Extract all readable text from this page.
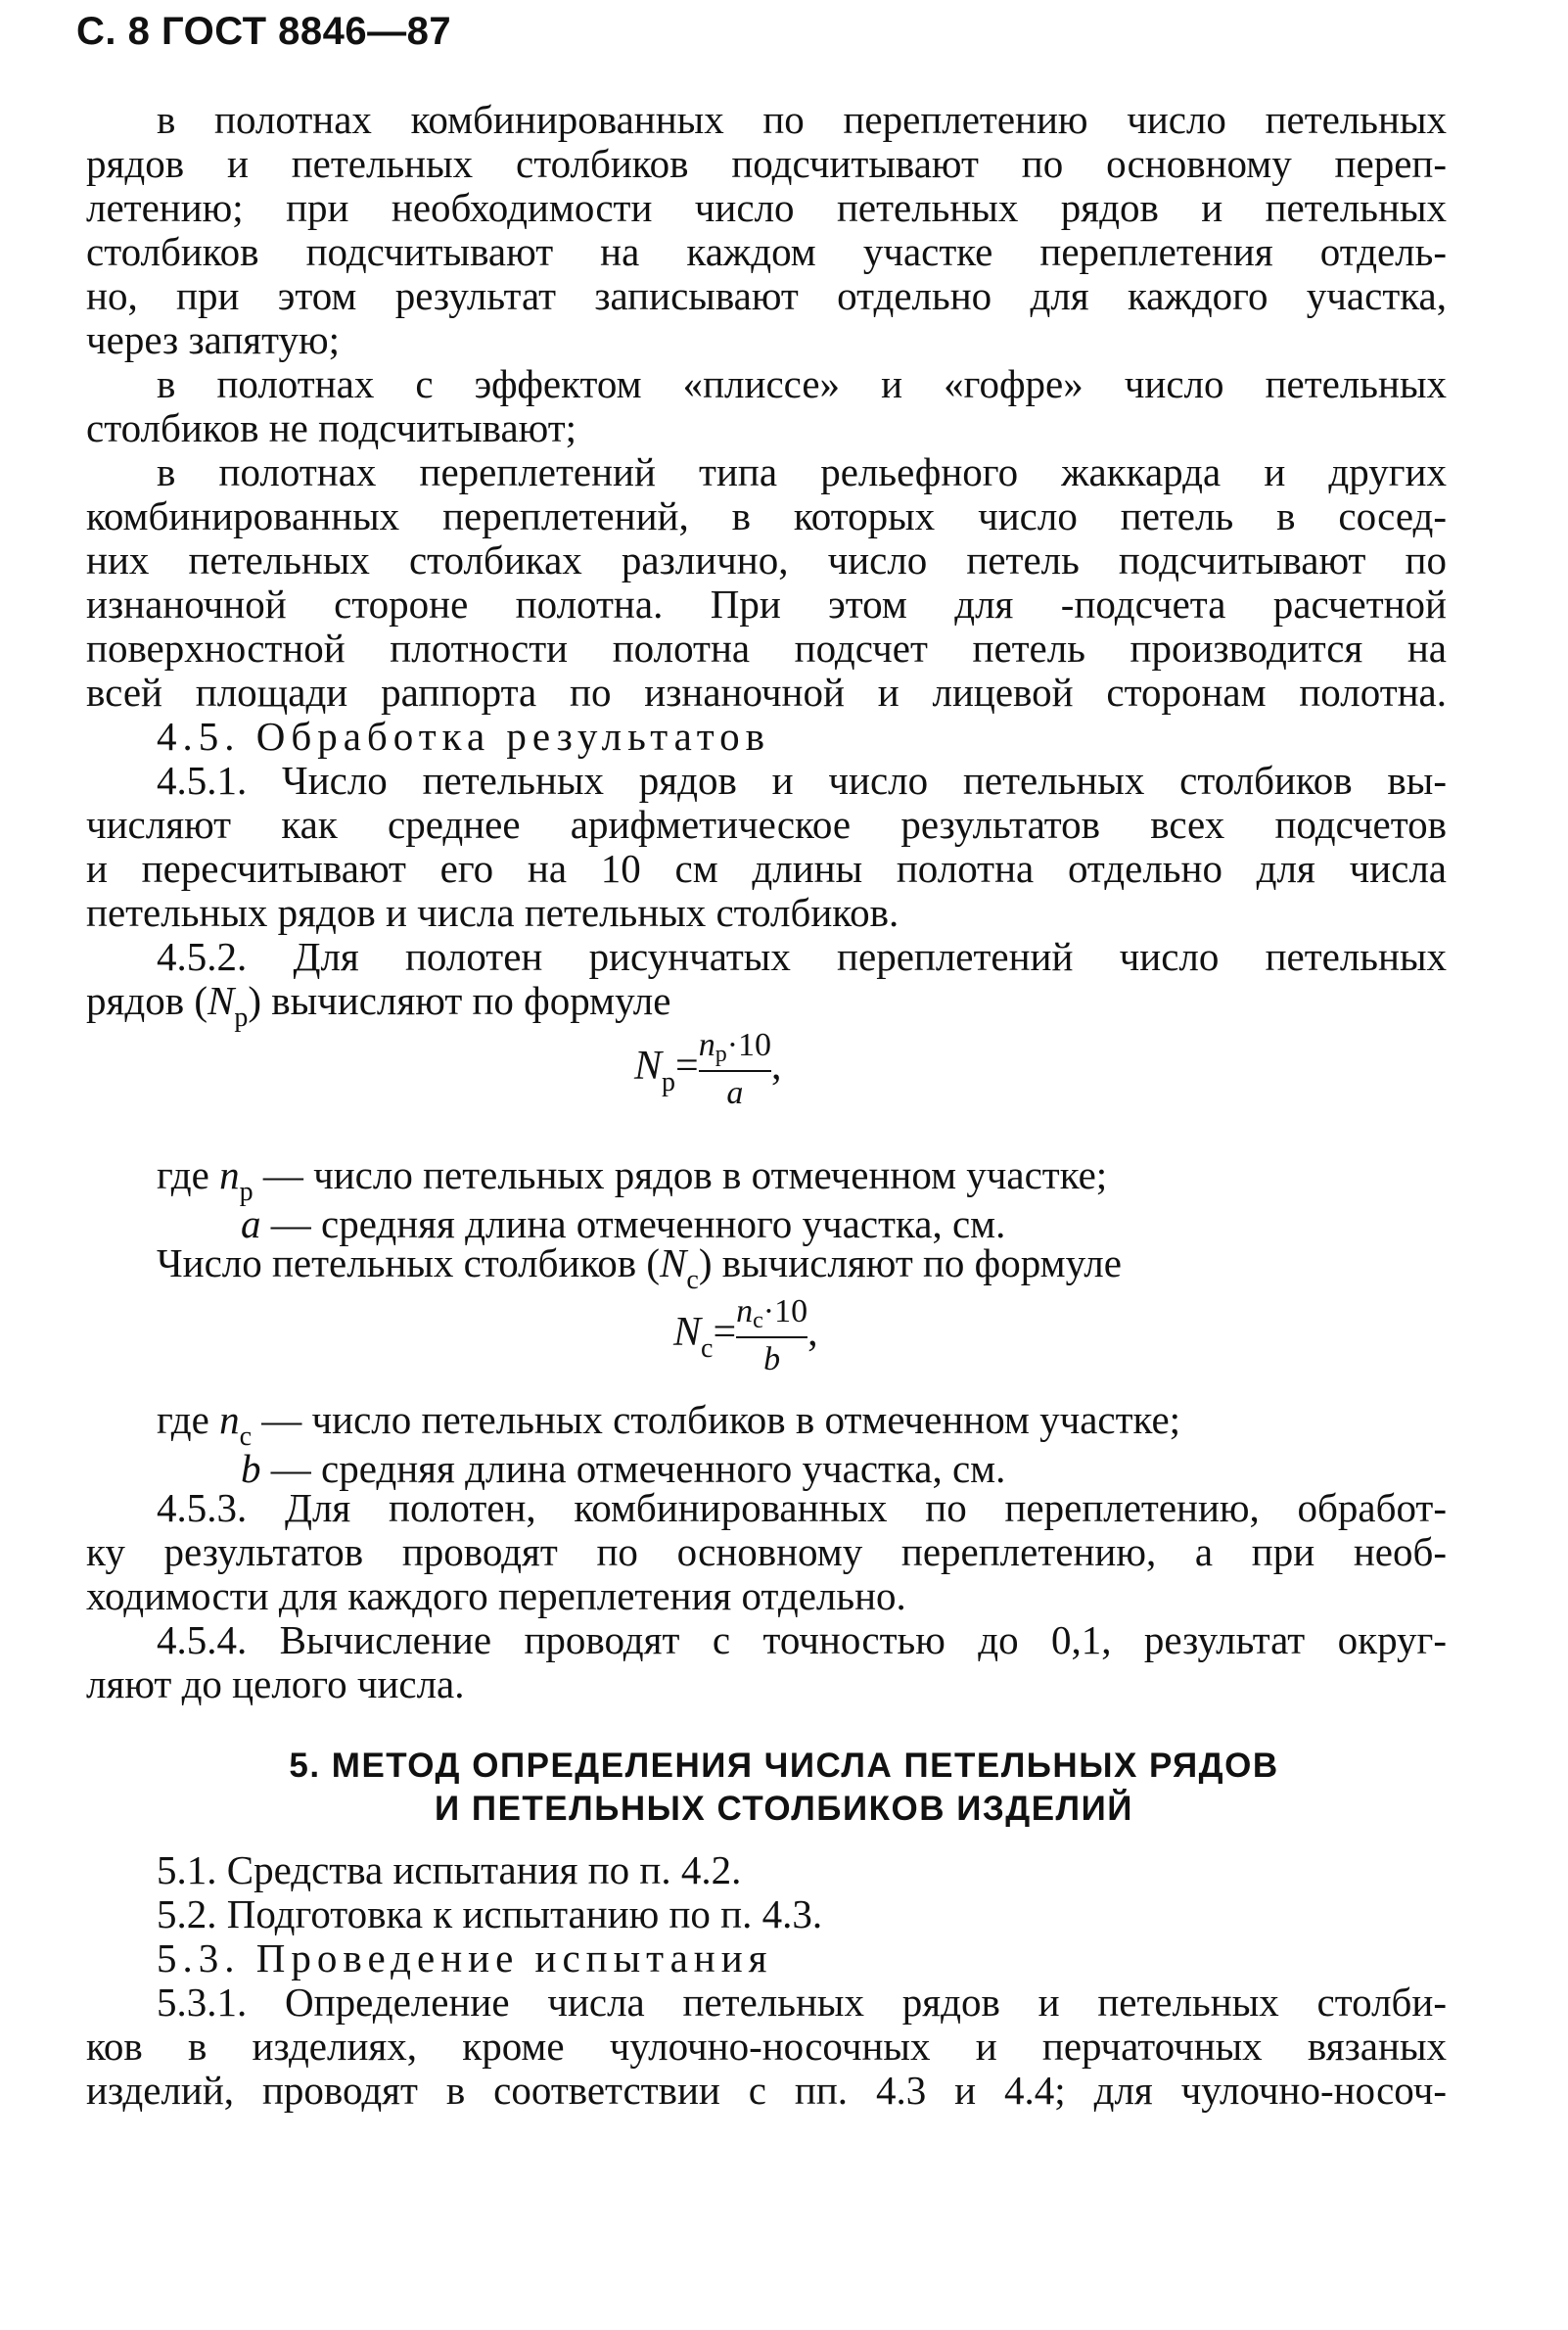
С. 8 ГОСТ 8846—87
в полотнах комбинированных по переплетению число петельных
рядов и петельных столбиков подсчитывают по основному переп-
летению; при необходимости число петельных рядов и петельных
столбиков подсчитывают на каждом участке переплетения отдель-
но, при этом результат записывают отдельно для каждого участка,
через запятую;
в полотнах с эффектом «плиссе» и «гофре» число петельных
столбиков не подсчитывают;
в полотнах переплетений типа рельефного жаккарда и других
комбинированных переплетений, в которых число петель в сосед-
них петельных столбиках различно, число петель подсчитывают по
изнаночной стороне полотна. При этом для ‑подсчета расчетной
поверхностной плотности полотна подсчет петель производится на
всей площади раппорта по изнаночной и лицевой сторонам полотна.
4.5. Обработка результатов
4.5.1. Число петельных рядов и число петельных столбиков вы-
числяют как среднее арифметическое результатов всех подсчетов
и пересчитывают его на 10 см длины полотна отдельно для числа
петельных рядов и числа петельных столбиков.
4.5.2. Для полотен рисунчатых переплетений число петельных
рядов $(N_р)$ вычисляют по формуле
$N_р= \frac{nр\cdot 10}{a}$ ,
где $n_р$ — число петельных рядов в отмеченном участке;
a — средняя длина отмеченного участка, см.
Число петельных столбиков $(N_с)$ вычисляют по формуле
$N_с= \frac{nс\cdot 10}{b}$ ,
где $n_с$ — число петельных столбиков в отмеченном участке;
b — средняя длина отмеченного участка, см.
4.5.3. Для полотен, комбинированных по переплетению, обработ-
ку результатов проводят по основному переплетению, а при необ-
ходимости для каждого переплетения отдельно.
4.5.4. Вычисление проводят с точностью до 0,1, результат округ-
ляют до целого числа.
5. МЕТОД ОПРЕДЕЛЕНИЯ ЧИСЛА ПЕТЕЛЬНЫХ РЯДОВ
И ПЕТЕЛЬНЫХ СТОЛБИКОВ ИЗДЕЛИЙ
5.1. Средства испытания по п. 4.2.
5.2. Подготовка к испытанию по п. 4.3.
5.3. Проведение испытания
5.3.1. Определение числа петельных рядов и петельных столби-
ков в изделиях, кроме чулочно-носочных и перчаточных вязаных
изделий, проводят в соответствии с пп. 4.3 и 4.4; для чулочно-носоч-
